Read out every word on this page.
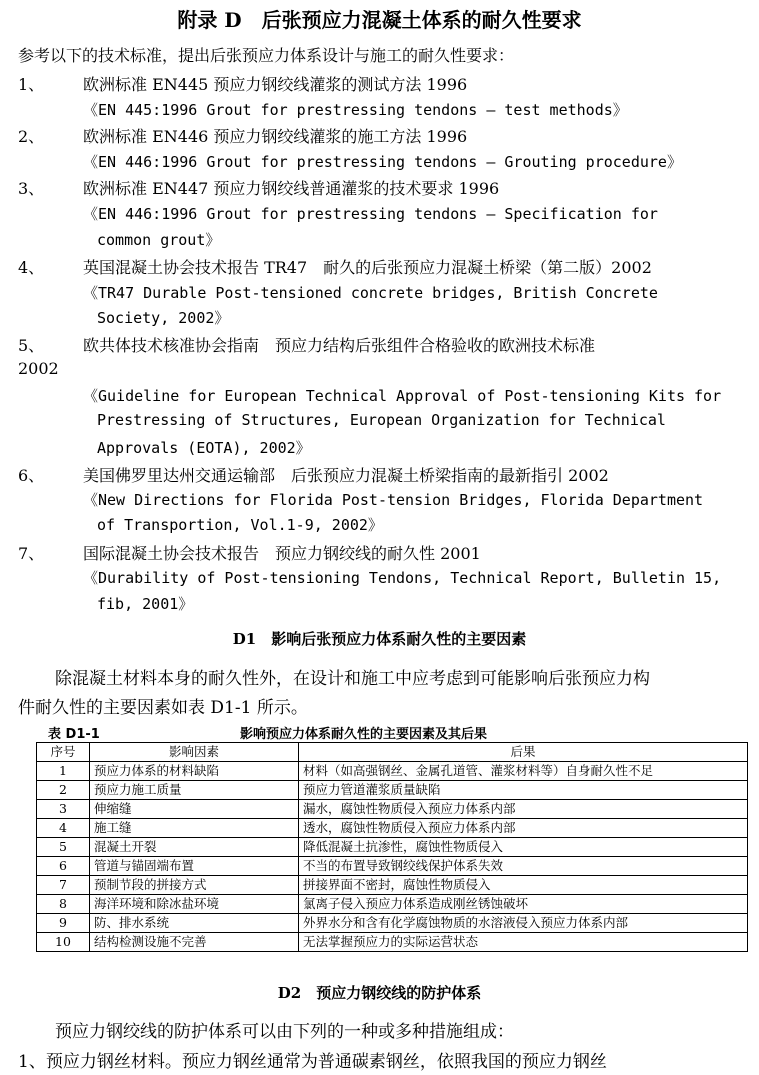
附录 D　后张预应力混凝土体系的耐久性要求
参考以下的技术标准，提出后张预应力体系设计与施工的耐久性要求：
1、 欧洲标准 EN445 预应力钢绞线灌浆的测试方法 1996
《EN 445:1996 Grout for prestressing tendons — test methods》
2、 欧洲标准 EN446 预应力钢绞线灌浆的施工方法 1996
《EN 446:1996 Grout for prestressing tendons — Grouting procedure》
3、 欧洲标准 EN447 预应力钢绞线普通灌浆的技术要求 1996
《EN 446:1996 Grout for prestressing tendons — Specification for
common grout》
4、 英国混凝土协会技术报告 TR47　耐久的后张预应力混凝土桥梁（第二版）2002
《TR47 Durable Post-tensioned concrete bridges, British Concrete
Society, 2002》
5、 欧共体技术核准协会指南　预应力结构后张组件合格验收的欧洲技术标准
2002
《Guideline for European Technical Approval of Post-tensioning Kits for
Prestressing of Structures, European Organization for Technical
Approvals (EOTA), 2002》
6、 美国佛罗里达州交通运输部　后张预应力混凝土桥梁指南的最新指引 2002
《New Directions for Florida Post-tension Bridges, Florida Department
of Transportion, Vol.1-9, 2002》
7、 国际混凝土协会技术报告　预应力钢绞线的耐久性 2001
《Durability of Post-tensioning Tendons, Technical Report, Bulletin 15,
fib, 2001》
D1　影响后张预应力体系耐久性的主要因素
除混凝土材料本身的耐久性外，在设计和施工中应考虑到可能影响后张预应力构
件耐久性的主要因素如表 D1-1 所示。
表 D1-1	影响预应力体系耐久性的主要因素及其后果
序号	影响因素	后果
1	预应力体系的材料缺陷	材料（如高强钢丝、金属孔道管、灌浆材料等）自身耐久性不足
2	预应力施工质量	预应力管道灌浆质量缺陷
3	伸缩缝	漏水，腐蚀性物质侵入预应力体系内部
4	施工缝	透水，腐蚀性物质侵入预应力体系内部
5	混凝土开裂	降低混凝土抗渗性，腐蚀性物质侵入
6	管道与锚固端布置	不当的布置导致钢绞线保护体系失效
7	预制节段的拼接方式	拼接界面不密封，腐蚀性物质侵入
8	海洋环境和除冰盐环境	氯离子侵入预应力体系造成刚丝锈蚀破坏
9	防、排水系统	外界水分和含有化学腐蚀物质的水溶液侵入预应力体系内部
10	结构检测设施不完善	无法掌握预应力的实际运营状态
D2　预应力钢绞线的防护体系
预应力钢绞线的防护体系可以由下列的一种或多种措施组成：
1、预应力钢丝材料。预应力钢丝通常为普通碳素钢丝，依照我国的预应力钢丝
